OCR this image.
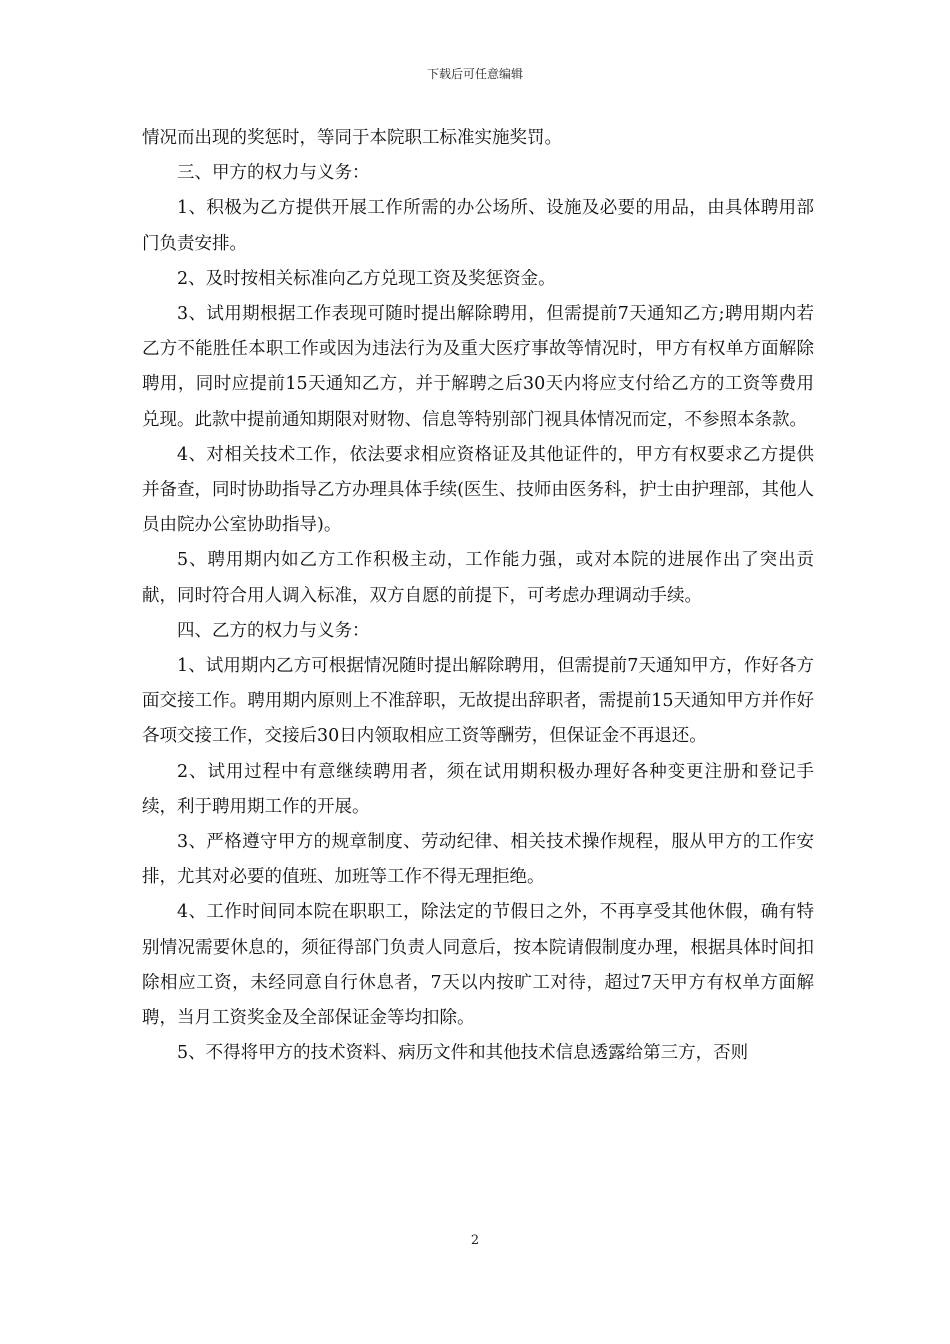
下载后可任意编辑

情况而出现的奖惩时，等同于本院职工标准实施奖罚。

三、甲方的权力与义务：

1、积极为乙方提供开展工作所需的办公场所、设施及必要的用品，由具体聘用部门负责安排。

2、及时按相关标准向乙方兑现工资及奖惩资金。

3、试用期根据工作表现可随时提出解除聘用，但需提前7天通知乙方;聘用期内若乙方不能胜任本职工作或因为违法行为及重大医疗事故等情况时，甲方有权单方面解除聘用，同时应提前15天通知乙方，并于解聘之后30天内将应支付给乙方的工资等费用兑现。此款中提前通知期限对财物、信息等特别部门视具体情况而定，不参照本条款。

4、对相关技术工作，依法要求相应资格证及其他证件的，甲方有权要求乙方提供并备查，同时协助指导乙方办理具体手续(医生、技师由医务科，护士由护理部，其他人员由院办公室协助指导)。

5、聘用期内如乙方工作积极主动，工作能力强，或对本院的进展作出了突出贡献，同时符合用人调入标准，双方自愿的前提下，可考虑办理调动手续。

四、乙方的权力与义务：

1、试用期内乙方可根据情况随时提出解除聘用，但需提前7天通知甲方，作好各方面交接工作。聘用期内原则上不准辞职，无故提出辞职者，需提前15天通知甲方并作好各项交接工作，交接后30日内领取相应工资等酬劳，但保证金不再退还。

2、试用过程中有意继续聘用者，须在试用期积极办理好各种变更注册和登记手续，利于聘用期工作的开展。

3、严格遵守甲方的规章制度、劳动纪律、相关技术操作规程，服从甲方的工作安排，尤其对必要的值班、加班等工作不得无理拒绝。

4、工作时间同本院在职职工，除法定的节假日之外，不再享受其他休假，确有特别情况需要休息的，须征得部门负责人同意后，按本院请假制度办理，根据具体时间扣除相应工资，未经同意自行休息者，7天以内按旷工对待，超过7天甲方有权单方面解聘，当月工资奖金及全部保证金等均扣除。

5、不得将甲方的技术资料、病历文件和其他技术信息透露给第三方，否则

2
